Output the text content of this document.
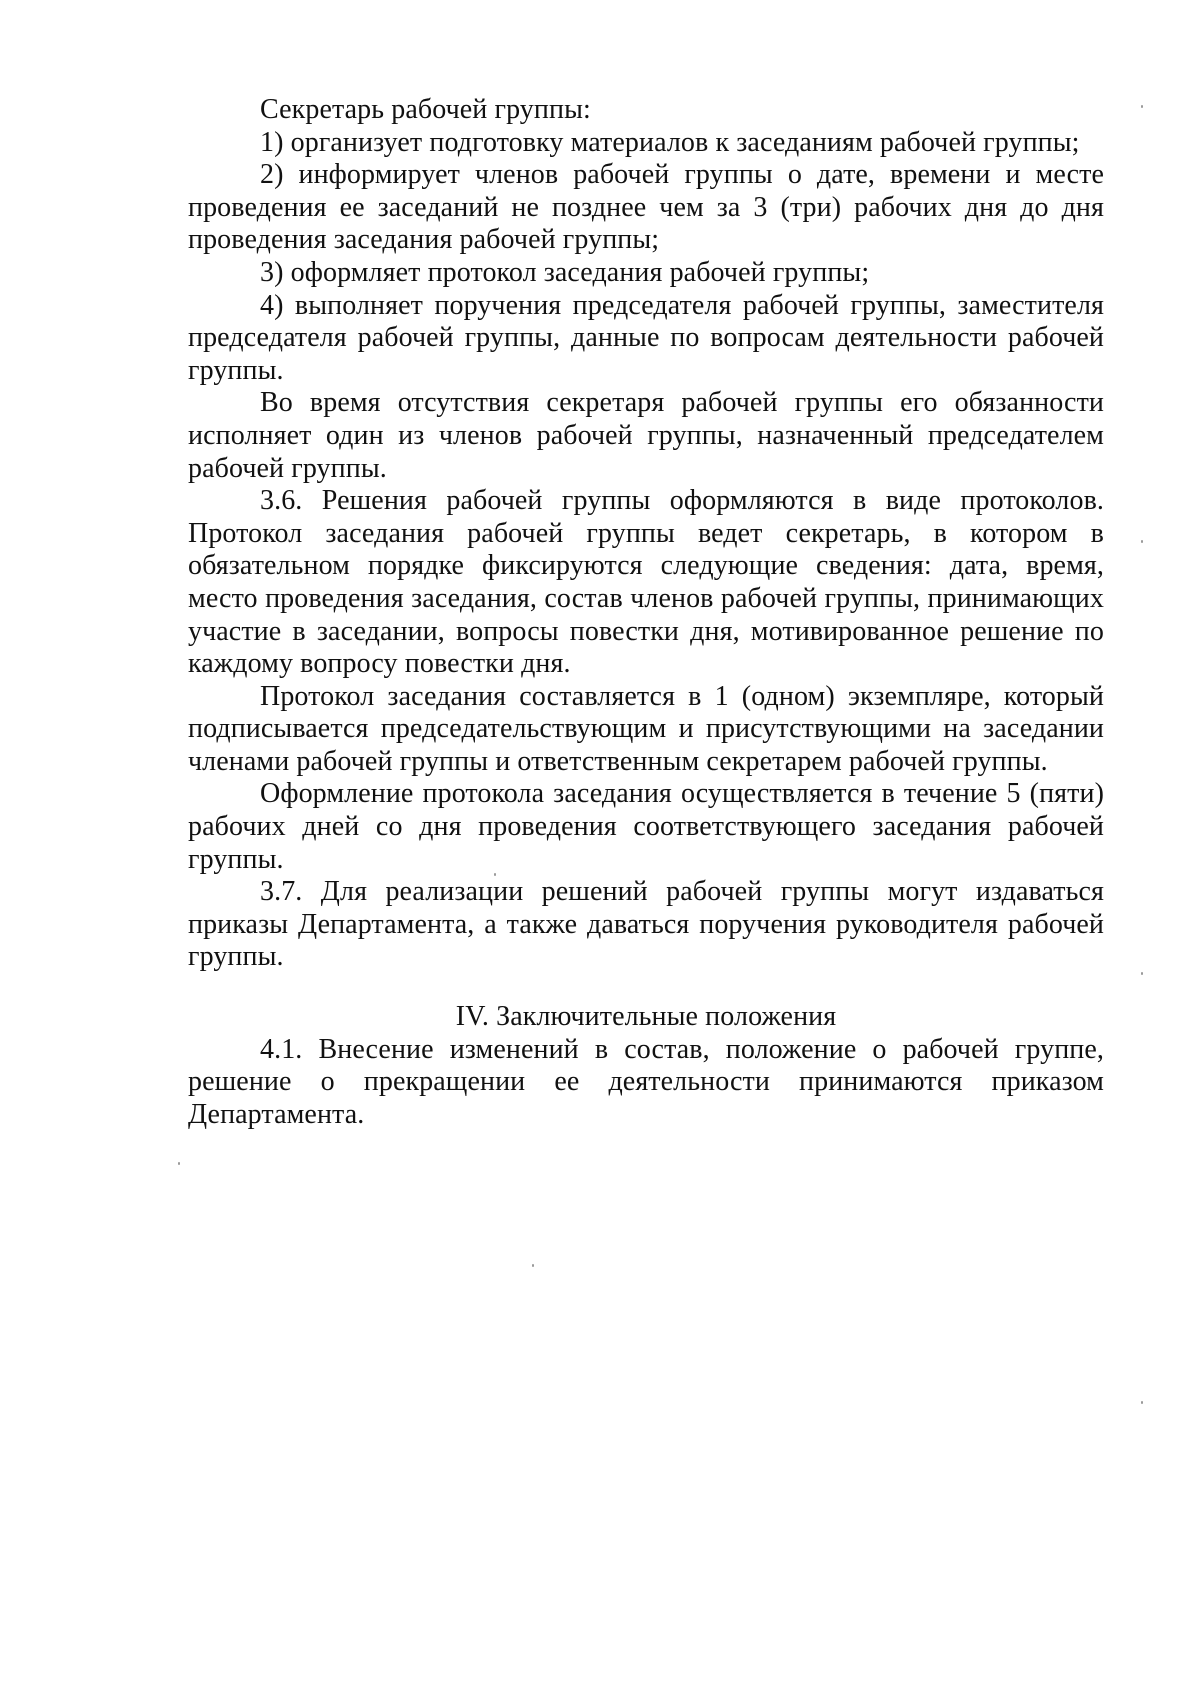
Секретарь рабочей группы:

1) организует подготовку материалов к заседаниям рабочей группы;

2) информирует членов рабочей группы о дате, времени и месте проведения ее заседаний не позднее чем за 3 (три) рабочих дня до дня проведения заседания рабочей группы;

3) оформляет протокол заседания рабочей группы;

4) выполняет поручения председателя рабочей группы, заместителя председателя рабочей группы, данные по вопросам деятельности рабочей группы.

Во время отсутствия секретаря рабочей группы его обязанности исполняет один из членов рабочей группы, назначенный председателем рабочей группы.

3.6. Решения рабочей группы оформляются в виде протоколов. Протокол заседания рабочей группы ведет секретарь, в котором в обязательном порядке фиксируются следующие сведения: дата, время, место проведения заседания, состав членов рабочей группы, принимающих участие в заседании, вопросы повестки дня, мотивированное решение по каждому вопросу повестки дня.

Протокол заседания составляется в 1 (одном) экземпляре, который подписывается председательствующим и присутствующими на заседании членами рабочей группы и ответственным секретарем рабочей группы.

Оформление протокола заседания осуществляется в течение 5 (пяти) рабочих дней со дня проведения соответствующего заседания рабочей группы.

3.7. Для реализации решений рабочей группы могут издаваться приказы Департамента, а также даваться поручения руководителя рабочей группы.

IV. Заключительные положения

4.1. Внесение изменений в состав, положение о рабочей группе, решение о прекращении ее деятельности принимаются приказом Департамента.
